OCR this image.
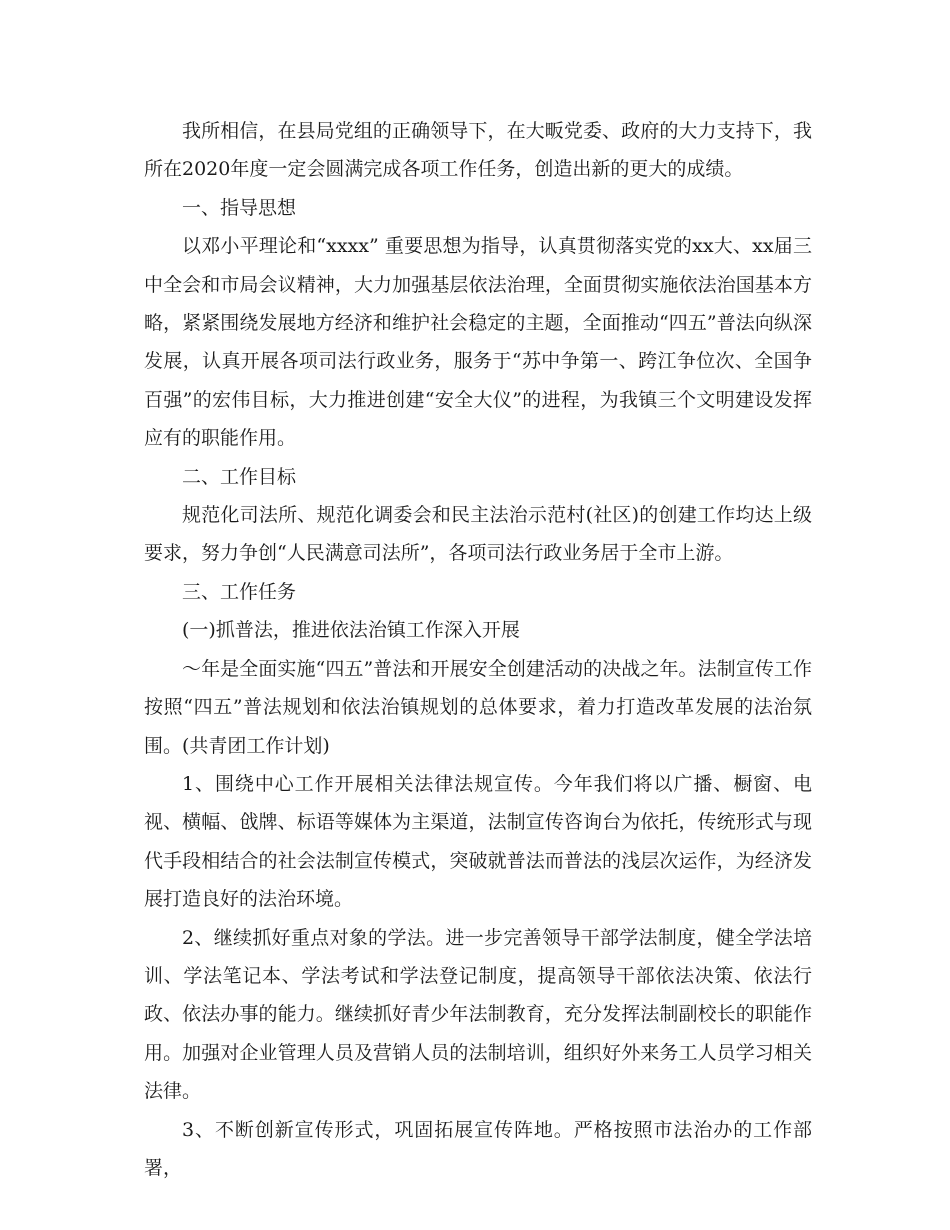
我所相信，在县局党组的正确领导下，在大畈党委、政府的大力支持下，我所在2020年度一定会圆满完成各项工作任务，创造出新的更大的成绩。

一、指导思想

以邓小平理论和“xxxx” 重要思想为指导，认真贯彻落实党的xx大、xx届三中全会和市局会议精神，大力加强基层依法治理，全面贯彻实施依法治国基本方略，紧紧围绕发展地方经济和维护社会稳定的主题，全面推动“四五”普法向纵深发展，认真开展各项司法行政业务，服务于“苏中争第一、跨江争位次、全国争百强”的宏伟目标，大力推进创建“安全大仪”的进程，为我镇三个文明建设发挥应有的职能作用。

二、工作目标

规范化司法所、规范化调委会和民主法治示范村(社区)的创建工作均达上级要求，努力争创“人民满意司法所”，各项司法行政业务居于全市上游。

三、工作任务

(一)抓普法，推进依法治镇工作深入开展

～年是全面实施“四五”普法和开展安全创建活动的决战之年。法制宣传工作按照“四五”普法规划和依法治镇规划的总体要求，着力打造改革发展的法治氛围。(共青团工作计划)

1、围绕中心工作开展相关法律法规宣传。今年我们将以广播、橱窗、电视、横幅、戗牌、标语等媒体为主渠道，法制宣传咨询台为依托，传统形式与现代手段相结合的社会法制宣传模式，突破就普法而普法的浅层次运作，为经济发展打造良好的法治环境。

2、继续抓好重点对象的学法。进一步完善领导干部学法制度，健全学法培训、学法笔记本、学法考试和学法登记制度，提高领导干部依法决策、依法行政、依法办事的能力。继续抓好青少年法制教育，充分发挥法制副校长的职能作用。加强对企业管理人员及营销人员的法制培训，组织好外来务工人员学习相关法律。

3、不断创新宣传形式，巩固拓展宣传阵地。严格按照市法治办的工作部署，
